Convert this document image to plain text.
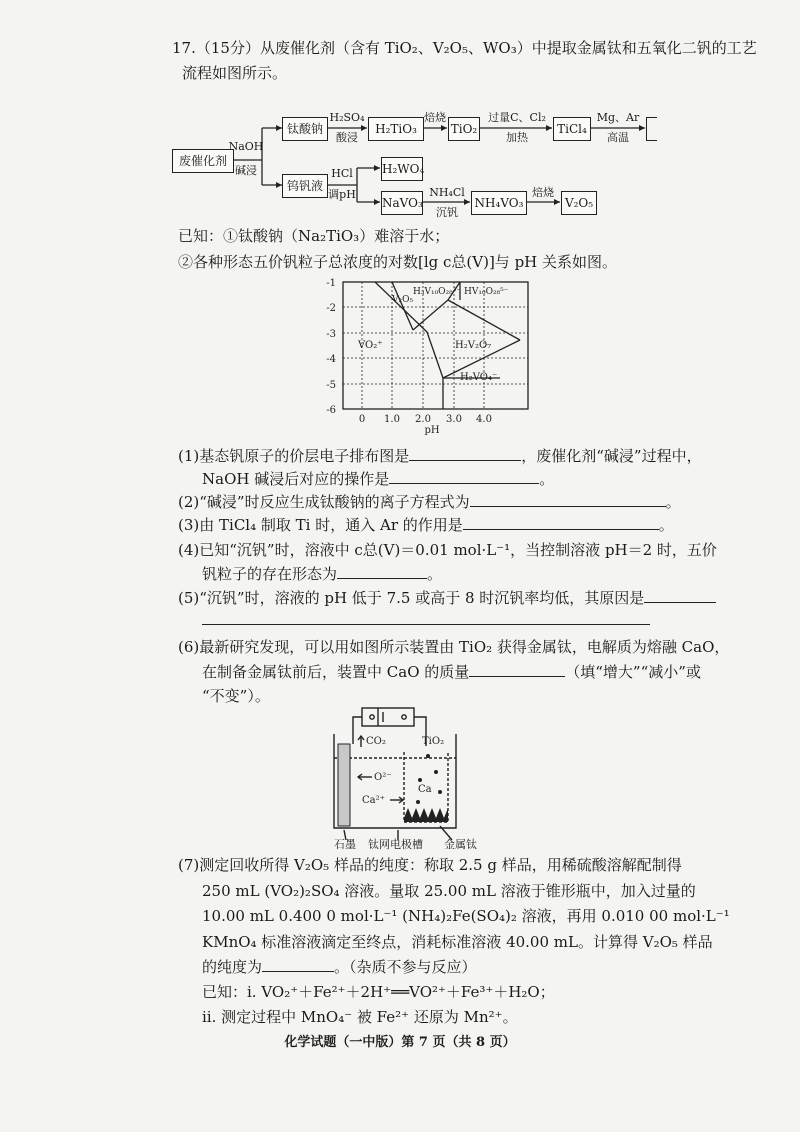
17.（15分）从废催化剂（含有 TiO₂、V₂O₅、WO₃）中提取金属钛和五氧化二钒的工艺
流程如图所示。
废催化剂
NaOH
碱浸
钛酸钠
H₂SO₄
酸浸
H₂TiO₃
焙烧
TiO₂
过量C、Cl₂
加热
TiCl₄
Mg、Ar
高温
钨钒液
HCl
调pH
H₂WO₄
NaVO₃
NH₄Cl
沉钒
NH₄VO₃
焙烧
V₂O₅
已知：①钛酸钠（Na₂TiO₃）难溶于水；
②各种形态五价钒粒子总浓度的对数[lg c总(V)]与 pH 关系如图。
-1
-2
-3
-4
-5
-6
0 1.0 2.0 3.0 4.0
pH
VO₂⁺
V₂O₅
H₃V₁₀O₂₈³⁻ HV₁₀O₂₈⁵⁻
H₂V₂O₇
H₂VO₄⁻
(1)基态钒原子的价层电子排布图是	，废催化剂“碱浸”过程中，
NaOH 碱浸后对应的操作是	。
(2)“碱浸”时反应生成钛酸钠的离子方程式为	。
(3)由 TiCl₄ 制取 Ti 时，通入 Ar 的作用是	。
(4)已知“沉钒”时，溶液中 c总(V)＝0.01 mol·L⁻¹，当控制溶液 pH＝2 时，五价
钒粒子的存在形态为	。
(5)“沉钒”时，溶液的 pH 低于 7.5 或高于 8 时沉钒率均低，其原因是
(6)最新研究发现，可以用如图所示装置由 TiO₂ 获得金属钛，电解质为熔融 CaO，
在制备金属钛前后，装置中 CaO 的质量	（填“增大”“减小”或
“不变”）。
CO₂
O²⁻
TiO₂
Ca
Ca²⁺
石墨 钛网电极槽 金属钛
(7)测定回收所得 V₂O₅ 样品的纯度：称取 2.5 g 样品，用稀硫酸溶解配制得
250 mL (VO₂)₂SO₄ 溶液。量取 25.00 mL 溶液于锥形瓶中，加入过量的
10.00 mL 0.400 0 mol·L⁻¹ (NH₄)₂Fe(SO₄)₂ 溶液，再用 0.010 00 mol·L⁻¹
KMnO₄ 标准溶液滴定至终点，消耗标准溶液 40.00 mL。计算得 V₂O₅ 样品
的纯度为	。（杂质不参与反应）
已知：ⅰ. VO₂⁺＋Fe²⁺＋2H⁺══VO²⁺＋Fe³⁺＋H₂O；
ⅱ. 测定过程中 MnO₄⁻ 被 Fe²⁺ 还原为 Mn²⁺。
化学试题（一中版）第 7 页（共 8 页）
